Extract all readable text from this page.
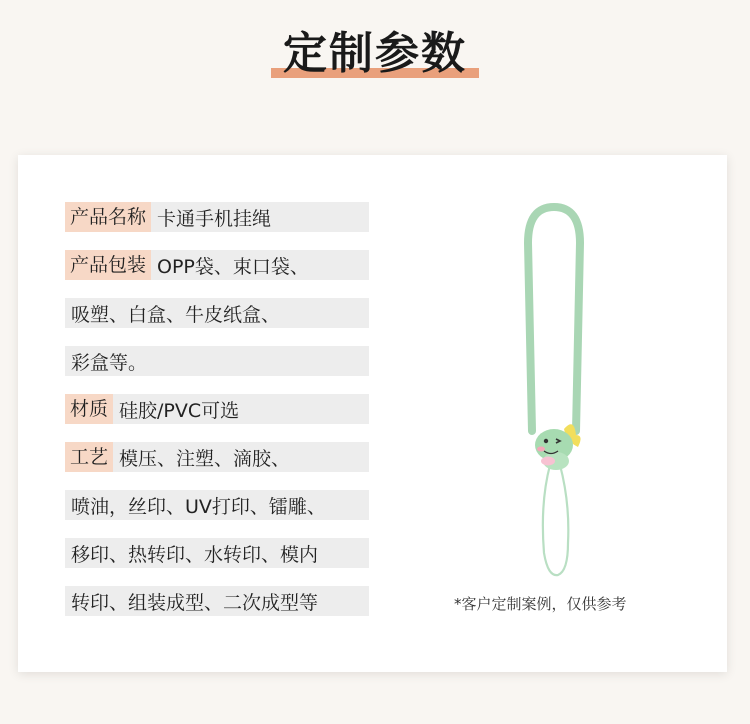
定制参数
产品名称 卡通手机挂绳
产品包装 OPP袋、束口袋、
吸塑、白盒、牛皮纸盒、
彩盒等。
材质 硅胶/PVC可选
工艺 模压、注塑、滴胶、
喷油，丝印、UV打印、镭雕、
移印、热转印、水转印、模内
转印、组装成型、二次成型等	*客户定制案例，仅供参考
